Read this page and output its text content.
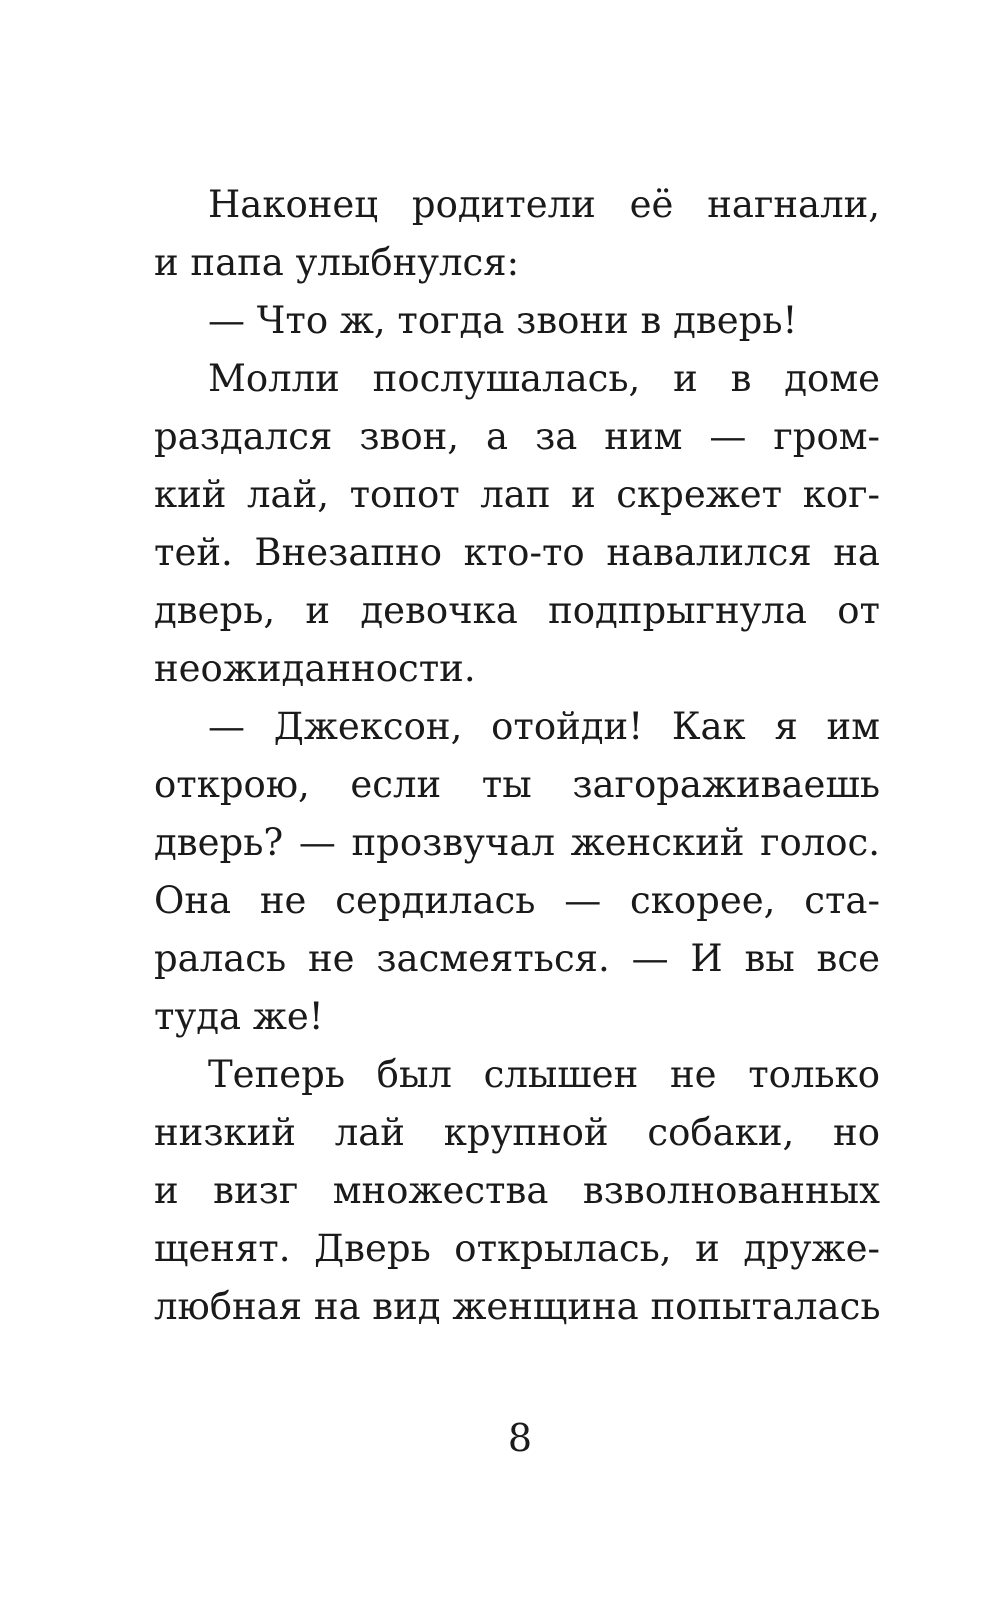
Наконец родители её нагнали,
и папа улыбнулся:
— Что ж, тогда звони в дверь!
Молли послушалась, и в доме
раздался звон, а за ним — гром-
кий лай, топот лап и скрежет ког-
тей. Внезапно кто-то навалился на
дверь, и девочка подпрыгнула от
неожиданности.
— Джексон, отойди! Как я им
открою, если ты загораживаешь
дверь? — прозвучал женский голос.
Она не сердилась — скорее, ста-
ралась не засмеяться. — И вы все
туда же!
Теперь был слышен не только
низкий лай крупной собаки, но
и визг множества взволнованных
щенят. Дверь открылась, и друже-
любная на вид женщина попыталась
8
